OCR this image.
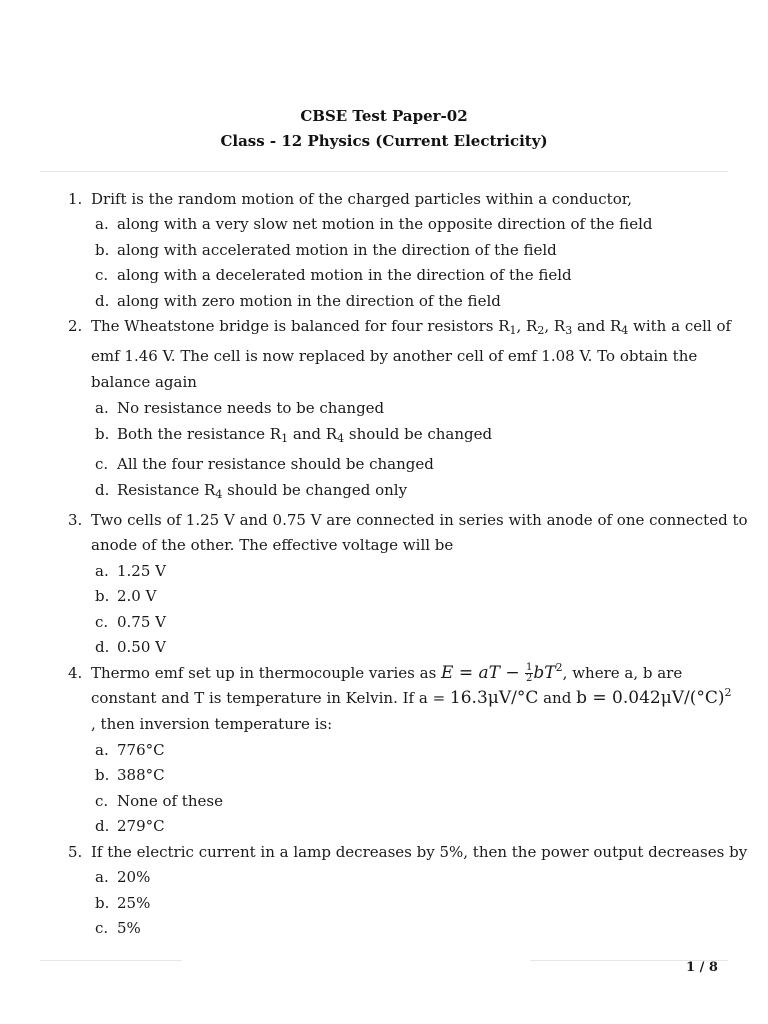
CBSE Test Paper-02
Class - 12 Physics (Current Electricity)
1. Drift is the random motion of the charged particles within a conductor,
a. along with a very slow net motion in the opposite direction of the field
b. along with accelerated motion in the direction of the field
c. along with a decelerated motion in the direction of the field
d. along with zero motion in the direction of the field
2. The Wheatstone bridge is balanced for four resistors $R_1$, $R_2$, $R_3$ and $R_4$ with a cell of
emf 1.46 V. The cell is now replaced by another cell of emf 1.08 V. To obtain the
balance again
a. No resistance needs to be changed
b. Both the resistance $R_1$ and $R_4$ should be changed
c. All the four resistance should be changed
d. Resistance $R_4$ should be changed only
3. Two cells of 1.25 V and 0.75 V are connected in series with anode of one connected to
anode of the other. The effective voltage will be
a. 1.25 V
b. 2.0 V
c. 0.75 V
d. 0.50 V
4. Thermo emf set up in thermocouple varies as E = aT − $\frac{1}{2} bT^2$, where a, b are
constant and T is temperature in Kelvin. If a = 16.3μV/°C and $b = 0.042\mu V/(^\circ C)^2$
, then inversion temperature is:
a. 776°C
b. 388°C
c. None of these
d. 279°C
5. If the electric current in a lamp decreases by 5%, then the power output decreases by
a. 20%
b. 25%
c. 5%
1 / 8
